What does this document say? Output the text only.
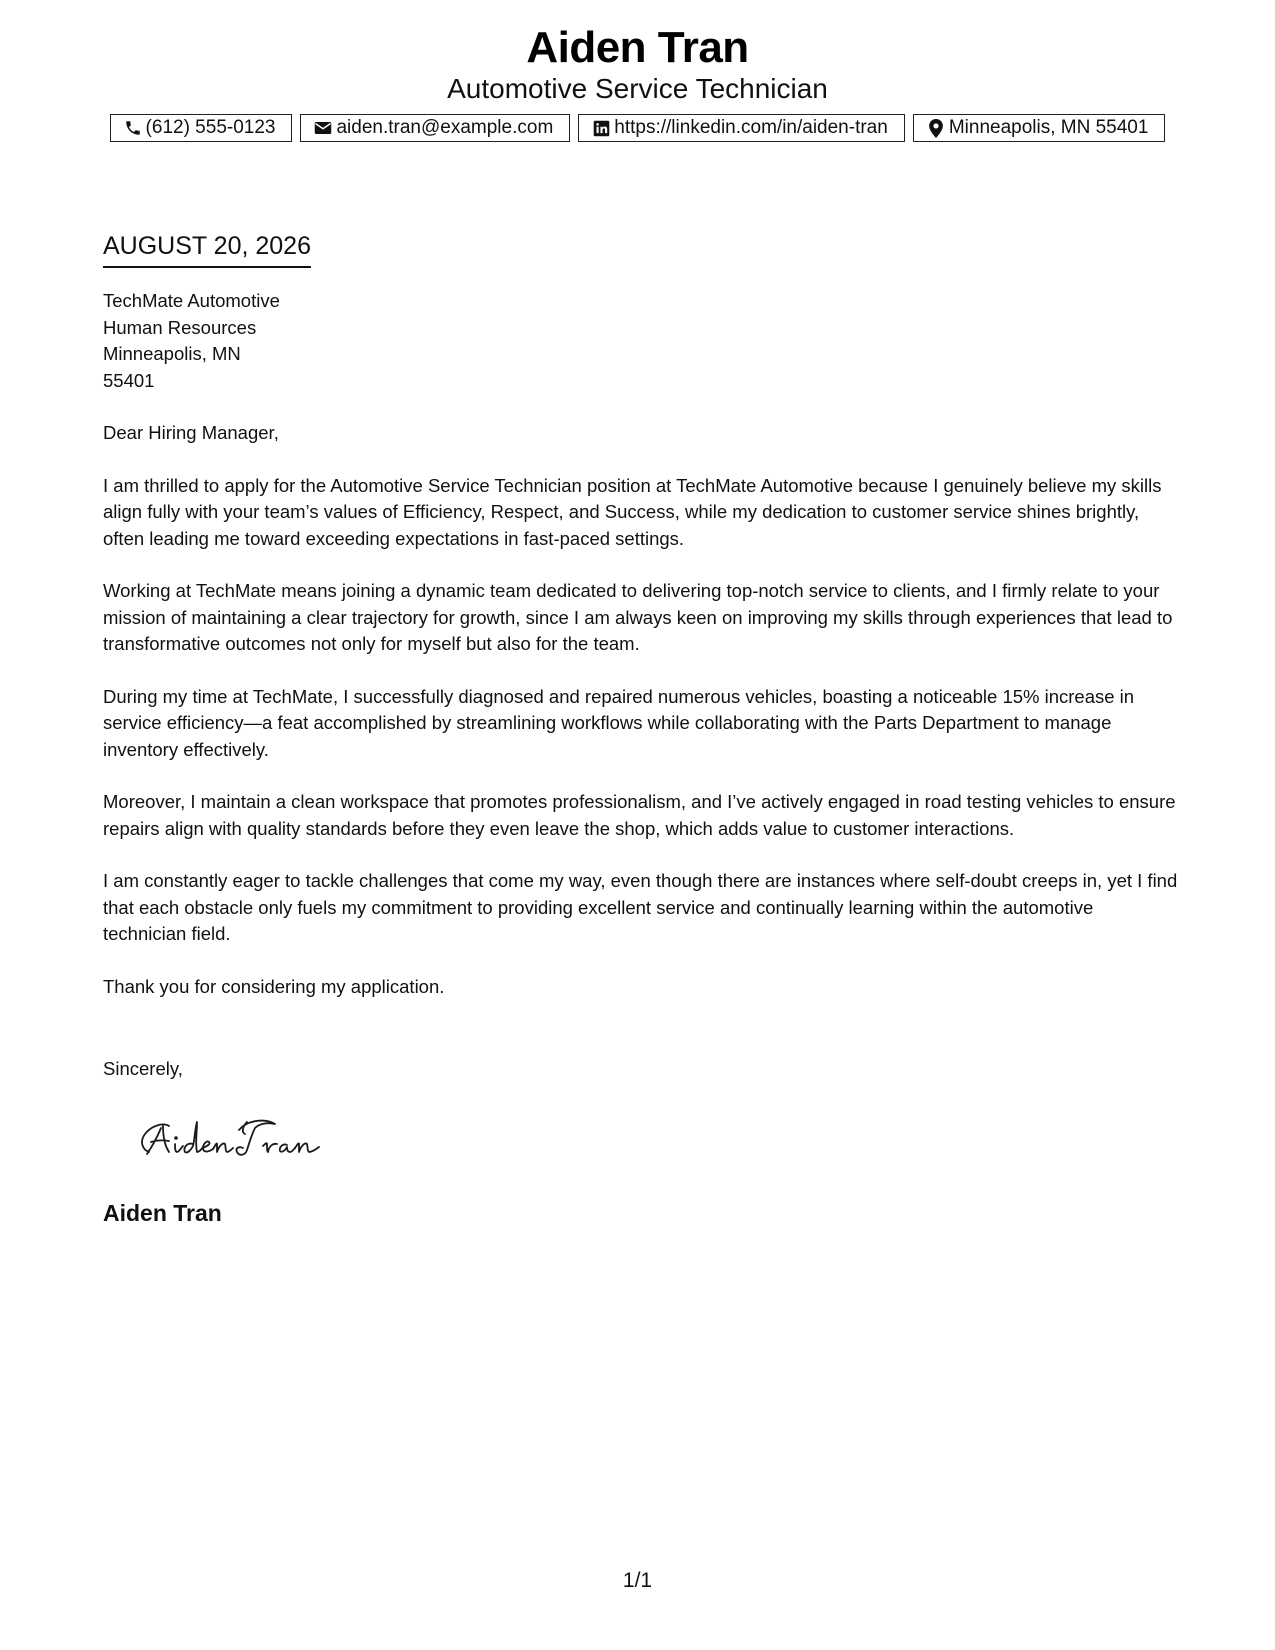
Aiden Tran
Automotive Service Technician
(612) 555-0123	aiden.tran@example.com	https://linkedin.com/in/aiden-tran	Minneapolis, MN 55401
AUGUST 20, 2026
TechMate Automotive
Human Resources
Minneapolis, MN
55401
Dear Hiring Manager,

I am thrilled to apply for the Automotive Service Technician position at TechMate Automotive because I genuinely believe my skills align fully with your team’s values of Efficiency, Respect, and Success, while my dedication to customer service shines brightly, often leading me toward exceeding expectations in fast-paced settings.

Working at TechMate means joining a dynamic team dedicated to delivering top-notch service to clients, and I firmly relate to your mission of maintaining a clear trajectory for growth, since I am always keen on improving my skills through experiences that lead to transformative outcomes not only for myself but also for the team.

During my time at TechMate, I successfully diagnosed and repaired numerous vehicles, boasting a noticeable 15% increase in service efficiency—a feat accomplished by streamlining workflows while collaborating with the Parts Department to manage inventory effectively.

Moreover, I maintain a clean workspace that promotes professionalism, and I’ve actively engaged in road testing vehicles to ensure repairs align with quality standards before they even leave the shop, which adds value to customer interactions.

I am constantly eager to tackle challenges that come my way, even though there are instances where self-doubt creeps in, yet I find that each obstacle only fuels my commitment to providing excellent service and continually learning within the automotive technician field.

Thank you for considering my application.

Sincerely,
Aiden Tran
1/1
